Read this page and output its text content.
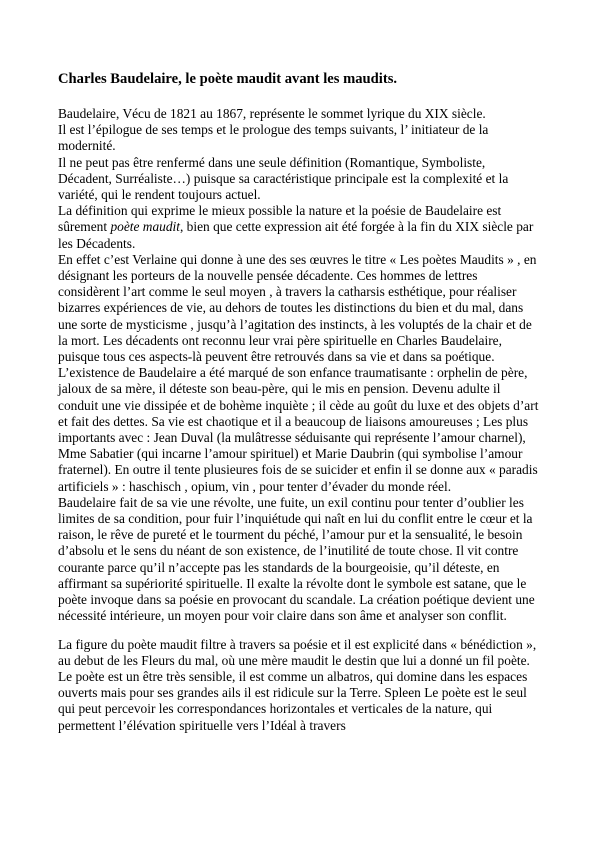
Charles Baudelaire, le poète maudit avant les maudits.

Baudelaire, Vécu de 1821 au 1867, représente le sommet lyrique du XIX siècle.

Il est l’épilogue de ses temps et le prologue des temps suivants, l’ initiateur de la modernité.

Il ne peut pas être renfermé dans une seule définition (Romantique, Symboliste, Décadent, Surréaliste…) puisque sa caractéristique principale est la complexité et la variété, qui le rendent toujours actuel.

La définition qui exprime le mieux possible la nature et la poésie de Baudelaire est sûrement poète maudit, bien que cette expression ait été forgée à la fin du XIX siècle par les Décadents.

En effet c’est Verlaine qui donne à une des ses œuvres le titre « Les poètes Maudits » , en désignant les porteurs de la nouvelle pensée décadente. Ces hommes de lettres considèrent l’art comme le seul moyen , à travers la catharsis esthétique, pour réaliser bizarres expériences de vie, au dehors de toutes les distinctions du bien et du mal, dans une sorte de mysticisme , jusqu’à l’agitation des instincts, à les voluptés de la chair et de la mort. Les décadents ont reconnu leur vrai père spirituelle en Charles Baudelaire, puisque tous ces aspects-là peuvent être retrouvés dans sa vie et dans sa poétique.

L’existence de Baudelaire a été marqué de son enfance traumatisante : orphelin de père, jaloux de sa mère, il déteste son beau-père, qui le mis en pension. Devenu adulte il conduit une vie dissipée et de bohème inquiète ; il cède au goût du luxe et des objets d’art et fait des dettes. Sa vie est chaotique et il a beaucoup de liaisons amoureuses ; Les plus importants avec : Jean Duval (la mulâtresse séduisante qui représente l’amour charnel), Mme Sabatier (qui incarne l’amour spirituel) et Marie Daubrin (qui symbolise l’amour fraternel). En outre il tente plusieures fois de se suicider et enfin il se donne aux « paradis artificiels » : haschisch , opium, vin , pour tenter d’évader du monde réel.

Baudelaire fait de sa vie une révolte, une fuite, un exil continu pour tenter d’oublier les limites de sa condition, pour fuir l’inquiétude qui naît en lui du conflit entre le cœur et la raison, le rêve de pureté et le tourment du péché, l’amour pur et la sensualité, le besoin d’absolu et le sens du néant de son existence, de l’inutilité de toute chose. Il vit contre courante parce qu’il n’accepte pas les standards de la bourgeoisie, qu’il déteste, en affirmant sa supériorité spirituelle. Il exalte la révolte dont le symbole est satane, que le poète invoque dans sa poésie en provocant du scandale. La création poétique devient une nécessité intérieure, un moyen pour voir claire dans son âme et analyser son conflit.

La figure du poète maudit filtre à travers sa poésie et il est explicité dans « bénédiction », au debut de les Fleurs du mal, où une mère maudit le destin que lui a donné un fil poète. Le poète est un être très sensible, il est comme un albatros, qui domine dans les espaces ouverts mais pour ses grandes ails il est ridicule sur la Terre. Spleen Le poète est le seul qui peut percevoir les correspondances horizontales et verticales de la nature, qui permettent l’élévation spirituelle vers l’Idéal à travers
